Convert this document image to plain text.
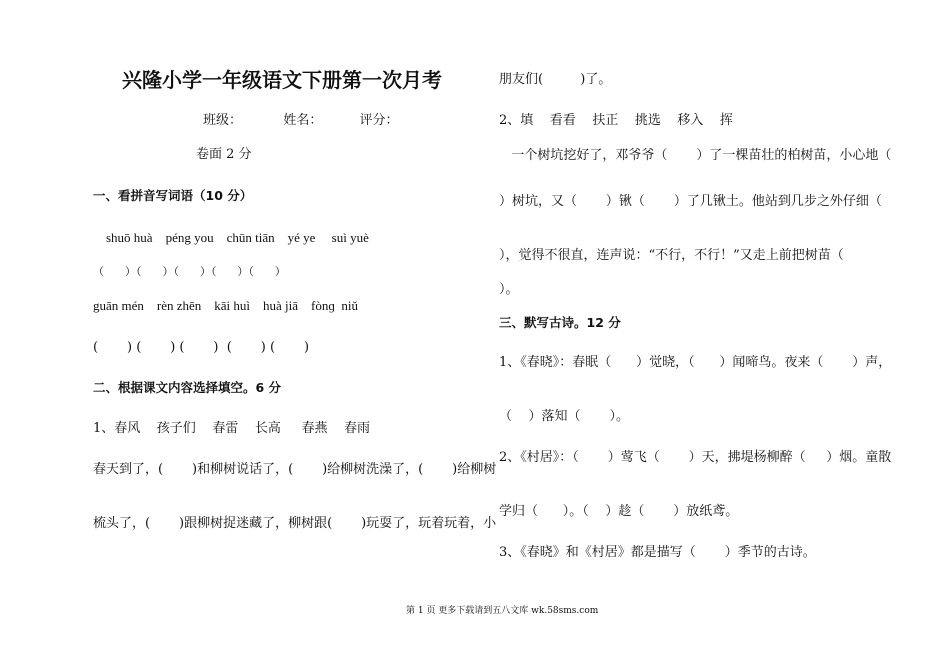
兴隆小学一年级语文下册第一次月考
班级：          姓名：         评分：
卷面 2 分
一、看拼音写词语（10 分）
shuō huà    péng you    chūn tiān    yé ye     suì yuè
（      ）（      ）（      ）（      ）（      ）
guān mén    rèn zhēn    kāi huì    huà jiā    fònɡ  niǔ
(       ) (       ) (       )  (       ) (       )
二、根据课文内容选择填空。6 分
1、春风    孩子们    春雷    长高     春燕    春雨
春天到了，(       )和柳树说话了，(       )给柳树洗澡了，(       )给柳树
梳头了，(       )跟柳树捉迷藏了，柳树跟(       )玩耍了，玩着玩着，小
朋友们(         )了。
2、填    看看    扶正    挑选    移入    挥
一个树坑挖好了，邓爷爷（       ）了一棵苗壮的柏树苗，小心地（
）树坑，又（       ）锹（       ）了几锹土。他站到几步之外仔细（
），觉得不很直，连声说：“不行，不行！”又走上前把树苗（
）。
三、默写古诗。12 分
1、《春晓》：春眠（      ）觉晓，（      ）闻啼鸟。夜来（       ）声，
（    ）落知（       ）。
2、《村居》：（       ）莺飞（       ）天，拂堤杨柳醉（     ）烟。童散
学归（      ）。（    ）趁（       ）放纸鸢。
3、《春晓》和《村居》都是描写（       ）季节的古诗。
第 1 页 更多下载请到五八文库 wk.58sms.com
